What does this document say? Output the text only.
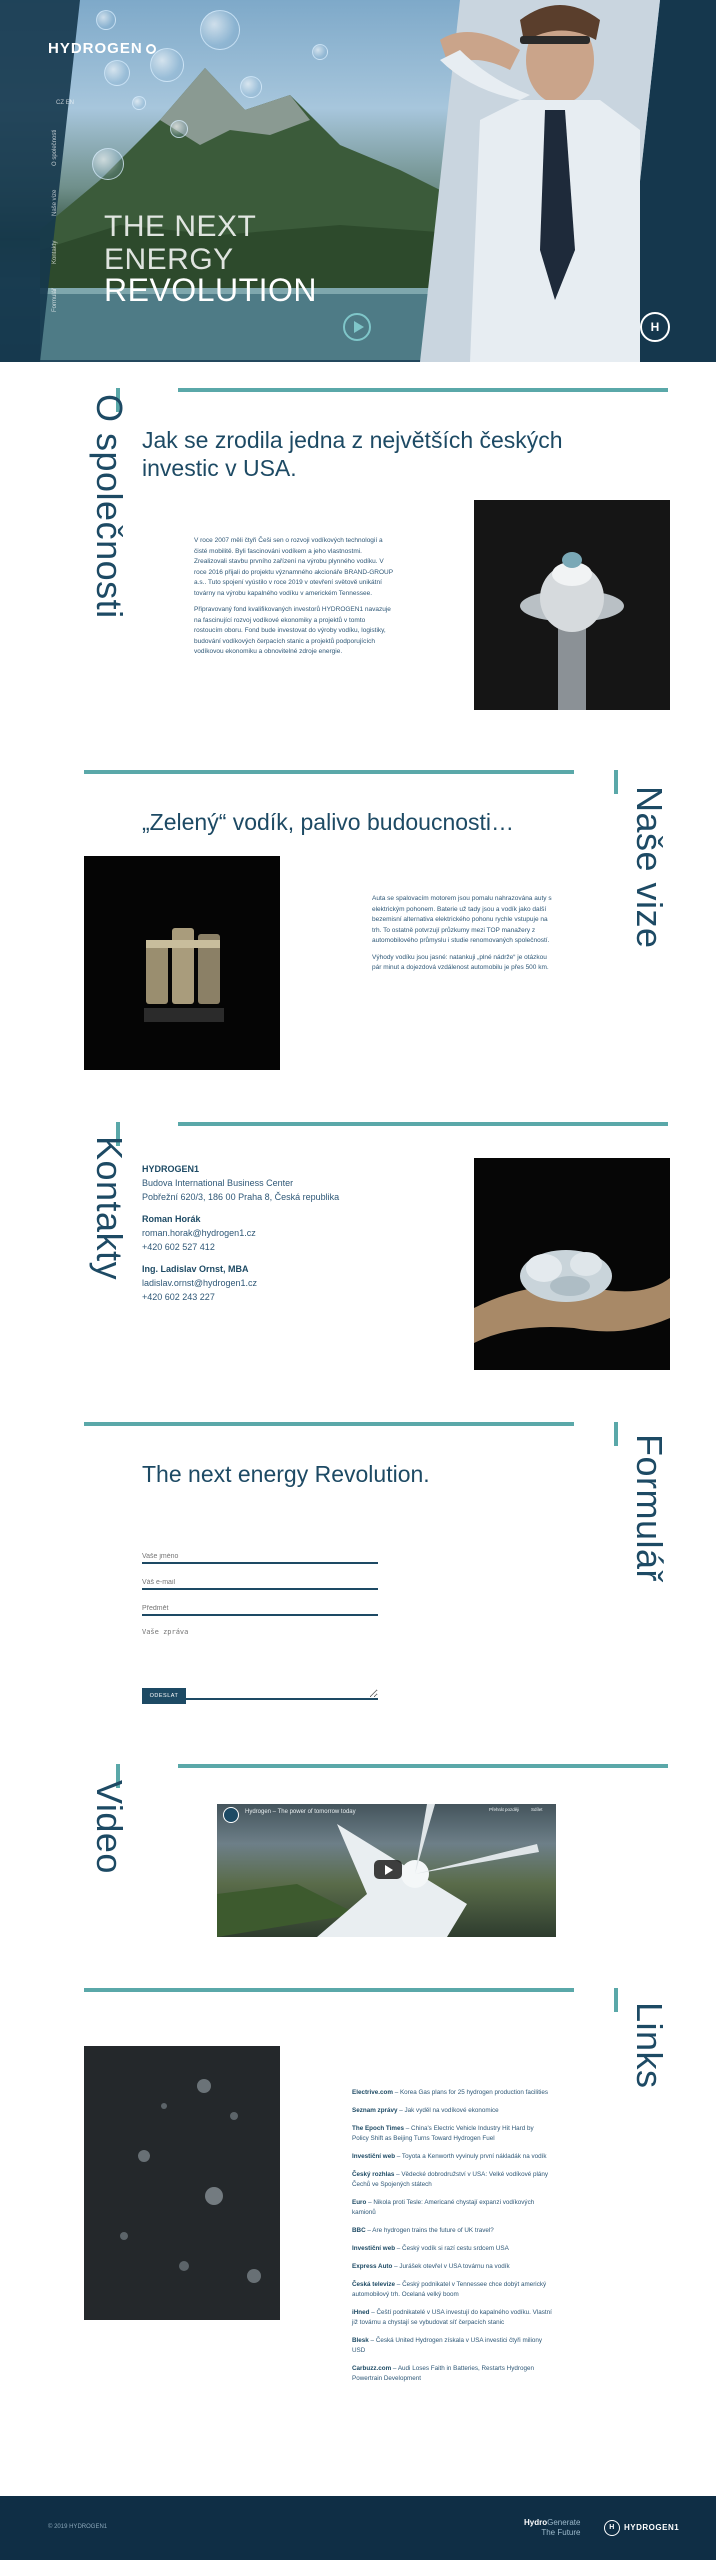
HYDROGEN
CZ EN
O společnosti
Naše vize
Kontakty
Formulář
THE NEXT
ENERGY
REVOLUTION
H
O společnosti Jak se zrodila jedna z největších českých investic v USA.

V roce 2007 měli čtyři Češi sen o rozvoji vodíkových technologií a čisté mobilitě. Byli fascinováni vodíkem a jeho vlastnostmi. Zrealizovali stavbu prvního zařízení na výrobu plynného vodíku. V roce 2016 přijali do projektu významného akcionáře BRAND-GROUP a.s.. Tuto spojení vyústilo v roce 2019 v otevření světově unikátní továrny na výrobu kapalného vodíku v americkém Tennessee.

Připravovaný fond kvalifikovaných investorů HYDROGEN1 navazuje na fascinující rozvoj vodíkové ekonomiky a projektů v tomto rostoucím oboru. Fond bude investovat do výroby vodíku, logistiky, budování vodíkových čerpacích stanic a projektů podporujících vodíkovou ekonomiku a obnovitelné zdroje energie.

Naše vize
„Zelený“ vodík, palivo budoucnosti…

Auta se spalovacím motorem jsou pomalu nahrazována auty s elektrickým pohonem. Baterie už tady jsou a vodík jako další bezemisní alternativa elektrického pohonu rychle vstupuje na trh. To ostatně potvrzují průzkumy mezi TOP manažery z automobilového průmyslu i studie renomovaných společností.

Výhody vodíku jsou jasné: natankuji „plné nádrže“ je otázkou pár minut a dojezdová vzdálenost automobilu je přes 500 km.

Kontakty HYDROGEN1
Budova International Business Center
Pobřežní 620/3, 186 00 Praha 8, Česká republika
Roman Horák
roman.horak@hydrogen1.cz
+420 602 527 412
Ing. Ladislav Ornst, MBA
ladislav.ornst@hydrogen1.cz
+420 602 243 227
Formulář
The next energy Revolution.
Vaše jméno
Váš e-mail
Předmět
Vaše zpráva
ODESLAT
Video	Hydrogen – The power of tomorrow today	Přehrát později	Sdílet
Links
Electrive.com – Korea Gas plans for 25 hydrogen production facilities
Seznam zprávy – Jak vyděl na vodíkové ekonomice
The Epoch Times – China's Electric Vehicle Industry Hit Hard by Policy Shift as Beijing Turns Toward Hydrogen Fuel
Investiční web – Toyota a Kenworth vyvinuly první nákladák na vodík
Český rozhlas – Vědecké dobrodružství v USA: Velké vodíkové plány Čechů ve Spojených státech
Euro – Nikola proti Tesle: Americané chystají expanzi vodíkových kamionů
BBC – Are hydrogen trains the future of UK travel?
Investiční web – Český vodík si razí cestu srdcem USA
Express Auto – Jurášek otevřel v USA továrnu na vodík
Česká televize – Český podnikatel v Tennessee chce dobýt americký automobilový trh. Ocelaná velký boom
iHned – Čeští podnikatelé v USA investují do kapalného vodíku. Vlastní již továrnu a chystají se vybudovat síť čerpacích stanic
Blesk – Česká United Hydrogen získala v USA investici čtyři miliony USD
Carbuzz.com – Audi Loses Faith in Batteries, Restarts Hydrogen Powertrain Development
© 2019 HYDROGEN1	HydroGenerate
The Future
H HYDROGEN1
